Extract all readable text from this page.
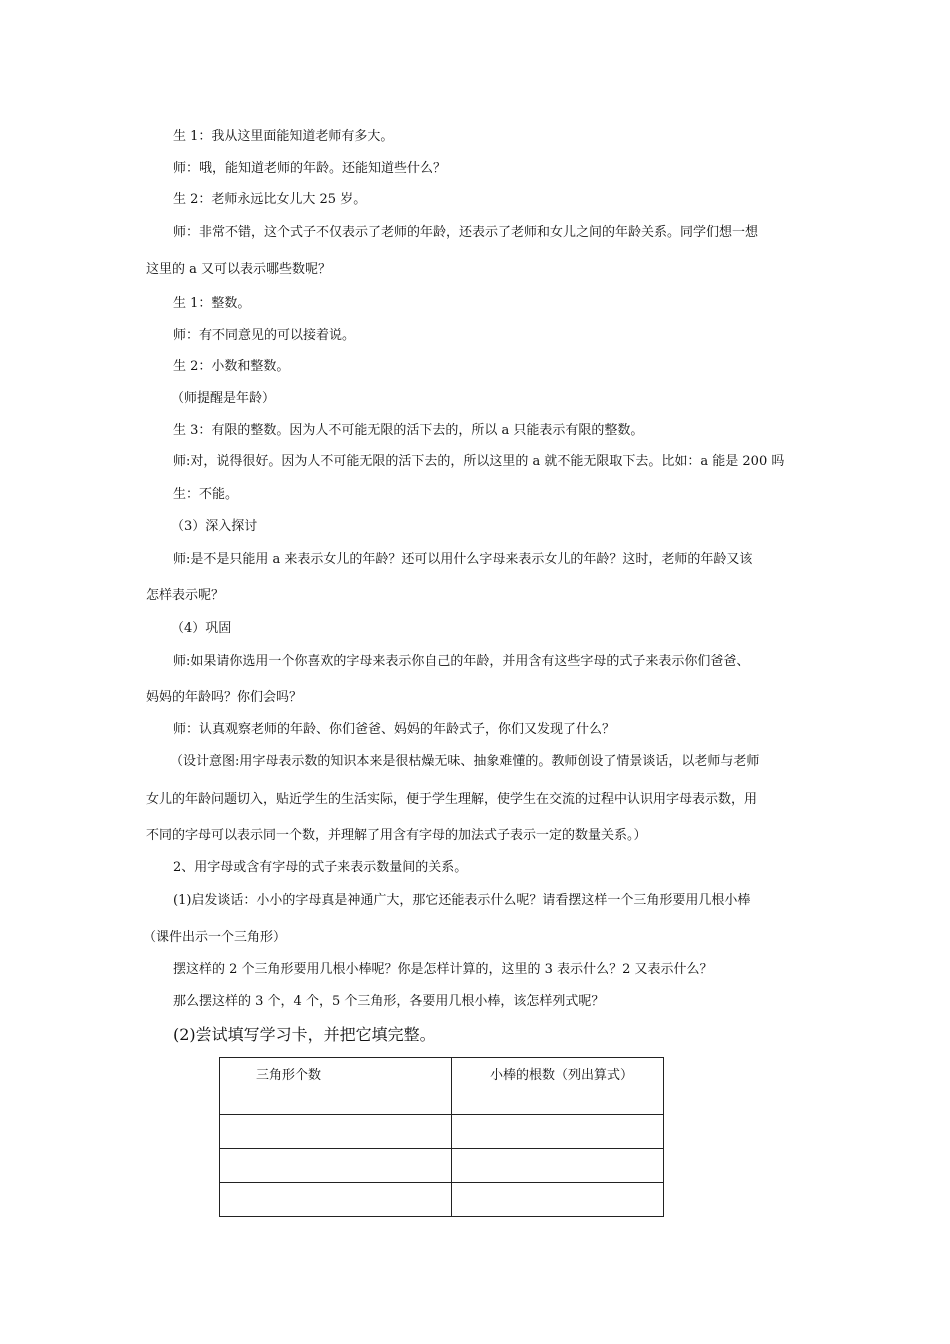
生 1：我从这里面能知道老师有多大。
师：哦，能知道老师的年龄。还能知道些什么？
生 2：老师永远比女儿大 25 岁。
师：非常不错，这个式子不仅表示了老师的年龄，还表示了老师和女儿之间的年龄关系。同学们想一想
这里的 a 又可以表示哪些数呢？
生 1：整数。
师：有不同意见的可以接着说。
生 2：小数和整数。
（师提醒是年龄）
生 3：有限的整数。因为人不可能无限的活下去的，所以 a 只能表示有限的整数。
师:对，说得很好。因为人不可能无限的活下去的，所以这里的 a 就不能无限取下去。比如：a 能是 200 吗
生：不能。
（3）深入探讨
师:是不是只能用 a 来表示女儿的年龄？还可以用什么字母来表示女儿的年龄？这时，老师的年龄又该
怎样表示呢？
（4）巩固
师:如果请你选用一个你喜欢的字母来表示你自己的年龄，并用含有这些字母的式子来表示你们爸爸、
妈妈的年龄吗？你们会吗？
师：认真观察老师的年龄、你们爸爸、妈妈的年龄式子，你们又发现了什么？
（设计意图:用字母表示数的知识本来是很枯燥无味、抽象难懂的。教师创设了情景谈话，以老师与老师
女儿的年龄问题切入，贴近学生的生活实际，便于学生理解，使学生在交流的过程中认识用字母表示数，用
不同的字母可以表示同一个数，并理解了用含有字母的加法式子表示一定的数量关系。）
2、用字母或含有字母的式子来表示数量间的关系。
(1)启发谈话：小小的字母真是神通广大，那它还能表示什么呢？请看摆这样一个三角形要用几根小棒
（课件出示一个三角形）
摆这样的 2 个三角形要用几根小棒呢？你是怎样计算的，这里的 3 表示什么？2 又表示什么？
那么摆这样的 3 个，4 个，5 个三角形，各要用几根小棒，该怎样列式呢？
(2)尝试填写学习卡，并把它填完整。
三角形个数	小棒的根数（列出算式）
